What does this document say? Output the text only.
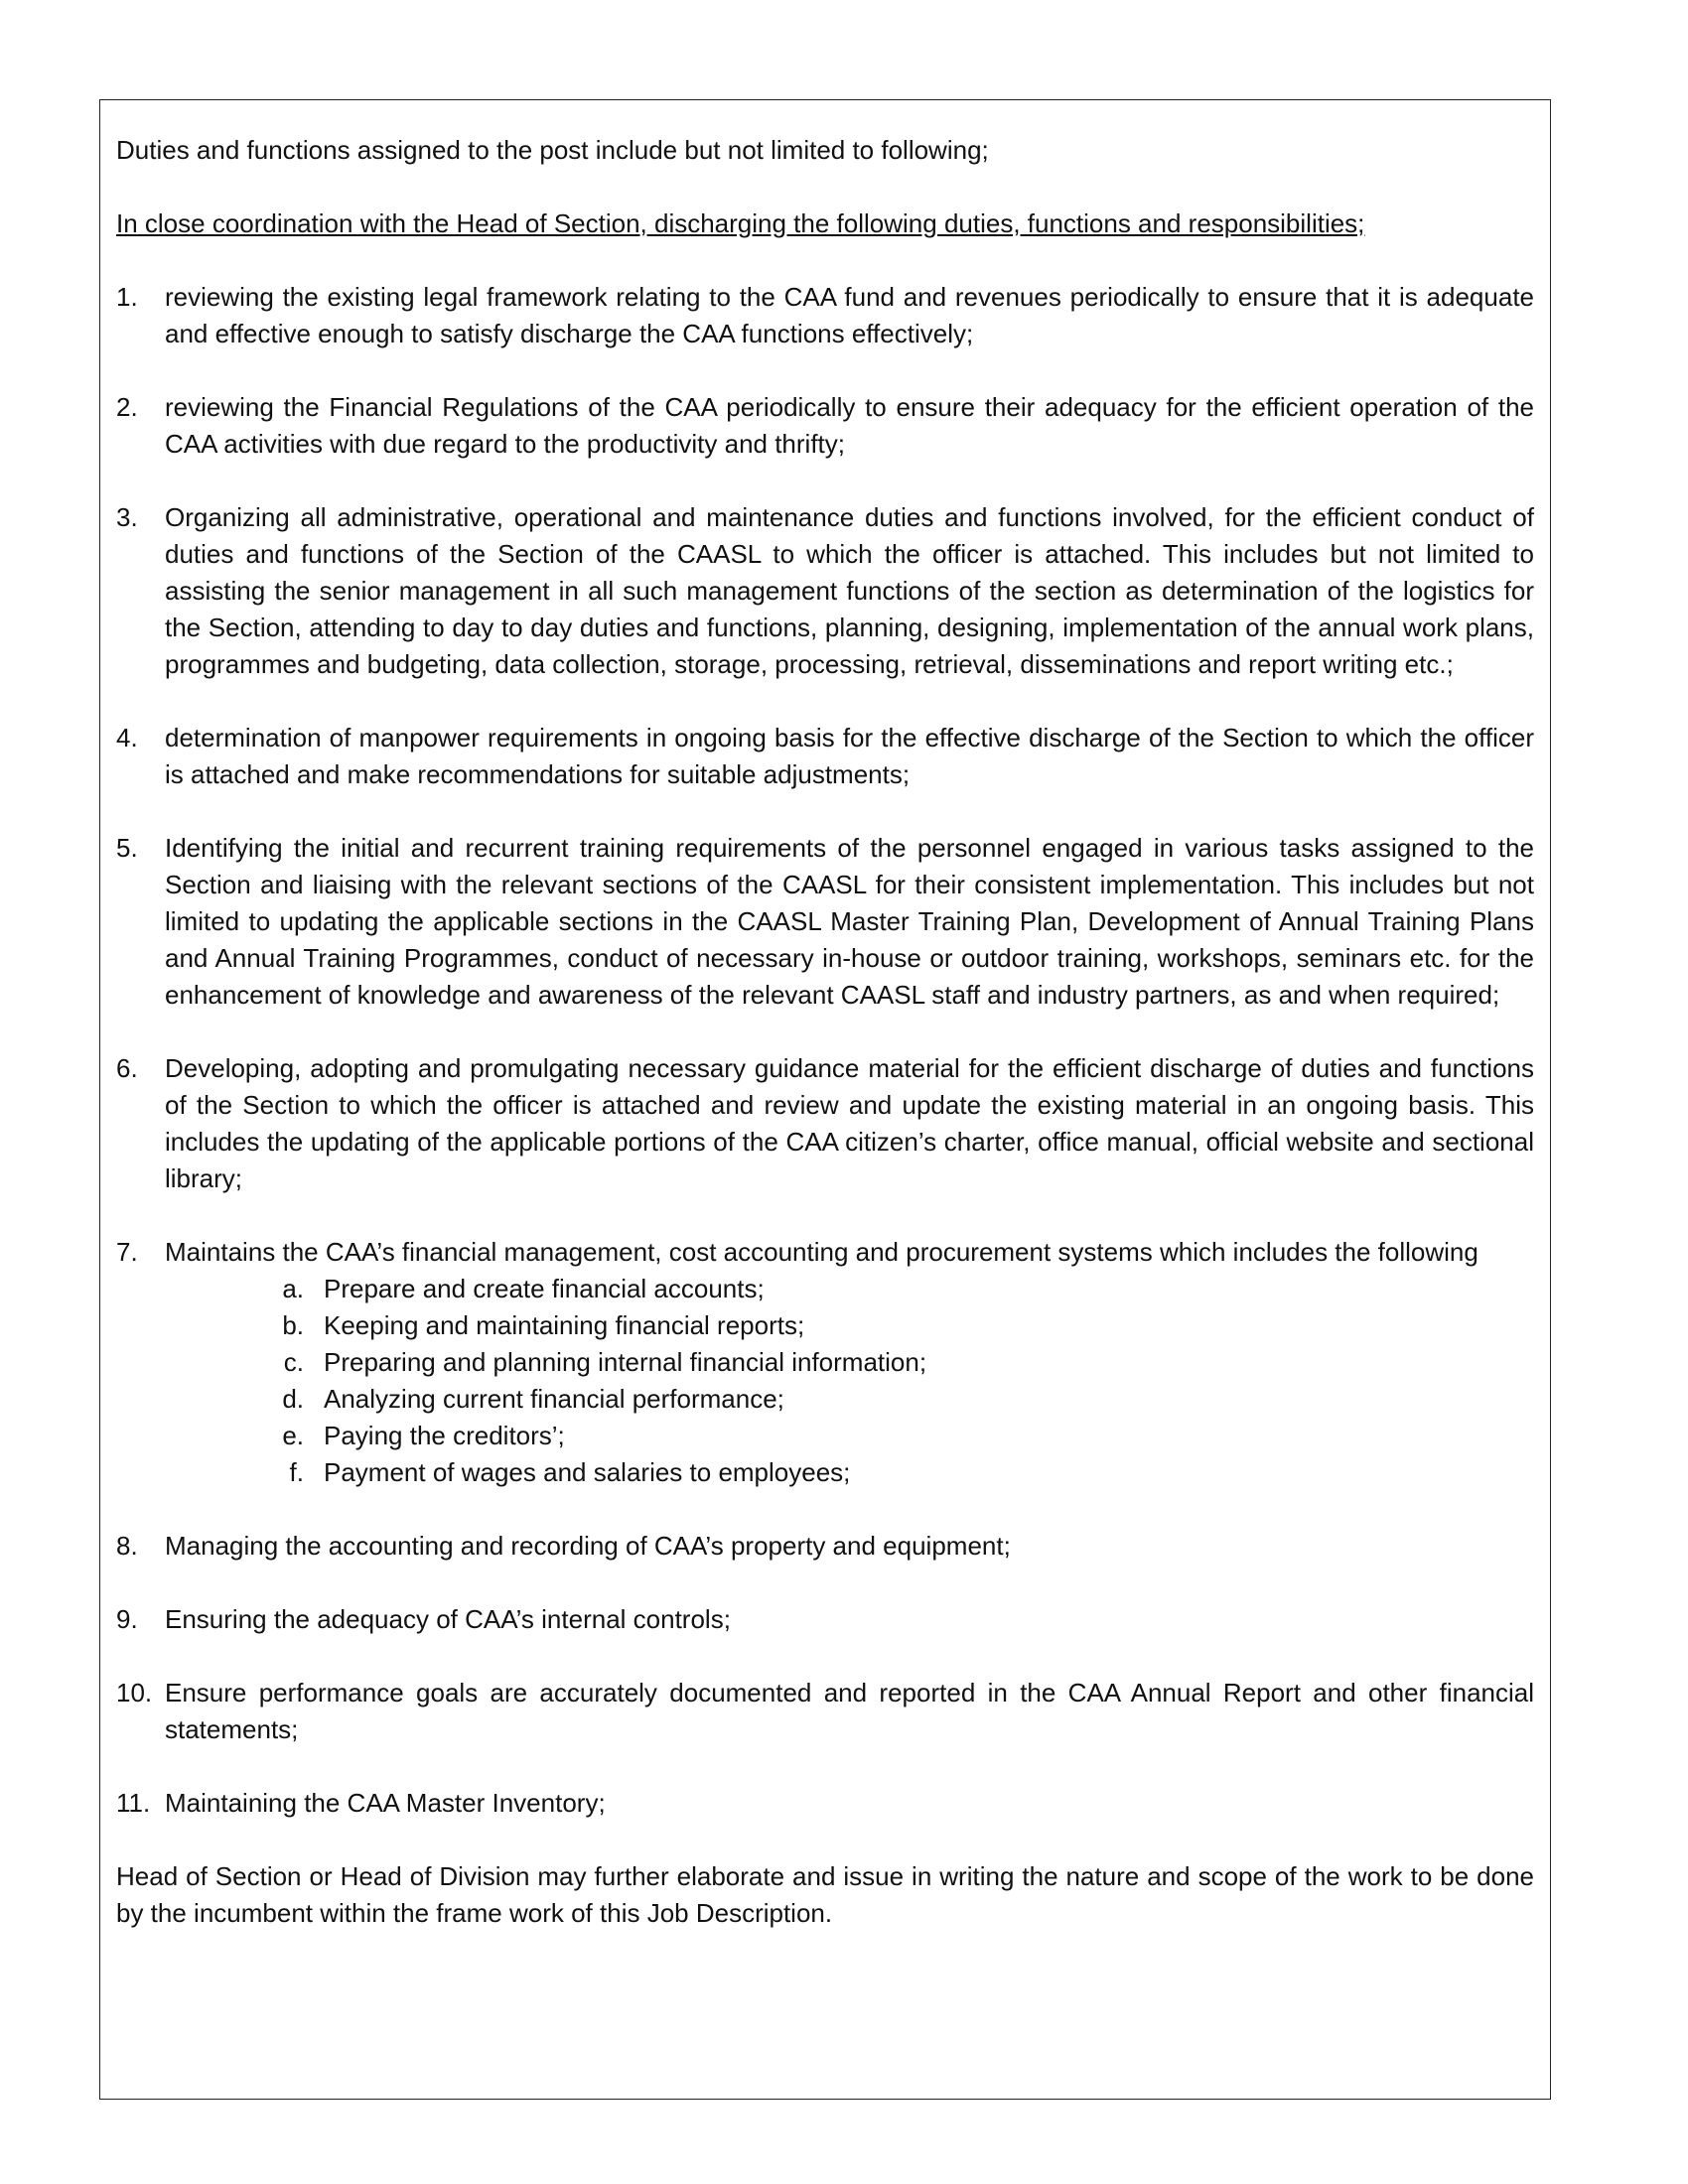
Duties and functions assigned to the post include but not limited to following;

In close coordination with the Head of Section, discharging the following duties, functions and responsibilities;

1.	reviewing the existing legal framework relating to the CAA fund and revenues periodically to ensure that it is adequate and effective enough to satisfy discharge the CAA functions effectively;
2.	reviewing the Financial Regulations of the CAA periodically to ensure their adequacy for the efficient operation of the CAA activities with due regard to the productivity and thrifty;
3.	Organizing all administrative, operational and maintenance duties and functions involved, for the efficient conduct of duties and functions of the Section of the CAASL to which the officer is attached. This includes but not limited to assisting the senior management in all such management functions of the section as determination of the logistics for the Section, attending to day to day duties and functions, planning, designing, implementation of the annual work plans, programmes and budgeting, data collection, storage, processing, retrieval, disseminations and report writing etc.;
4.	determination of manpower requirements in ongoing basis for the effective discharge of the Section to which the officer is attached and make recommendations for suitable adjustments;
5.	Identifying the initial and recurrent training requirements of the personnel engaged in various tasks assigned to the Section and liaising with the relevant sections of the CAASL for their consistent implementation. This includes but not limited to updating the applicable sections in the CAASL Master Training Plan, Development of Annual Training Plans and Annual Training Programmes, conduct of necessary in-house or outdoor training, workshops, seminars etc. for the enhancement of knowledge and awareness of the relevant CAASL staff and industry partners, as and when required;
6.	Developing, adopting and promulgating necessary guidance material for the efficient discharge of duties and functions of the Section to which the officer is attached and review and update the existing material in an ongoing basis. This includes the updating of the applicable portions of the CAA citizen’s charter, office manual, official website and sectional library;
7.	Maintains the CAA’s financial management, cost accounting and procurement systems which includes the following
a. Prepare and create financial accounts;
b. Keeping and maintaining financial reports;
c. Preparing and planning internal financial information;
d. Analyzing current financial performance;
e. Paying the creditors’;
f. Payment of wages and salaries to employees;
8.	Managing the accounting and recording of CAA’s property and equipment;
9.	Ensuring the adequacy of CAA’s internal controls;
10. Ensure performance goals are accurately documented and reported in the CAA Annual Report and other financial statements;
11. Maintaining the CAA Master Inventory;

Head of Section or Head of Division may further elaborate and issue in writing the nature and scope of the work to be done by the incumbent within the frame work of this Job Description.
